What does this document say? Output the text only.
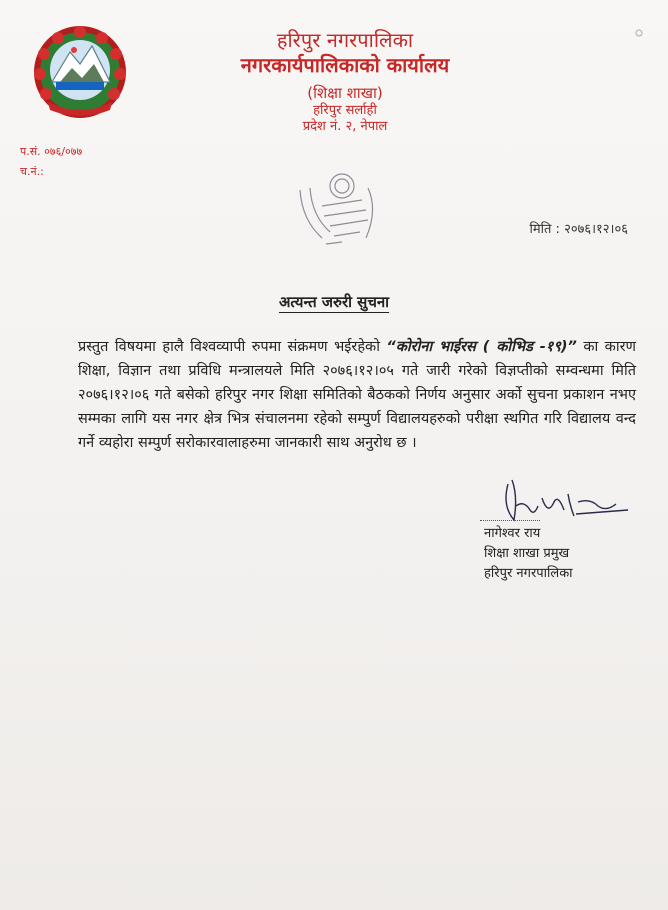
हरिपुर नगरपालिका
नगरकार्यपालिकाको कार्यालय
(शिक्षा शाखा)
हरिपुर सर्लाही
प्रदेश नं. २, नेपाल
प.सं. ०७६/०७७
च.नं.:
मिति : २०७६।१२।०६
अत्यन्त जरुरी सुचना
प्रस्तुत विषयमा हालै विश्वव्यापी रुपमा संक्रमण भईरहेको “कोरोना भाईरस ( कोभिड -१९)” का कारण शिक्षा, विज्ञान तथा प्रविधि मन्त्रालयले मिति २०७६।१२।०५ गते जारी गरेको विज्ञप्तीको सम्वन्धमा मिति २०७६।१२।०६ गते बसेको हरिपुर नगर शिक्षा समितिको बैठकको निर्णय अनुसार अर्को सुचना प्रकाशन नभए सम्मका लागि यस नगर क्षेत्र भित्र संचालनमा रहेको सम्पुर्ण विद्यालयहरुको परीक्षा स्थगित गरि विद्यालय वन्द गर्ने व्यहोरा सम्पुर्ण सरोकारवालाहरुमा जानकारी साथ अनुरोध छ ।
नागेश्वर राय
शिक्षा शाखा प्रमुख
हरिपुर नगरपालिका
